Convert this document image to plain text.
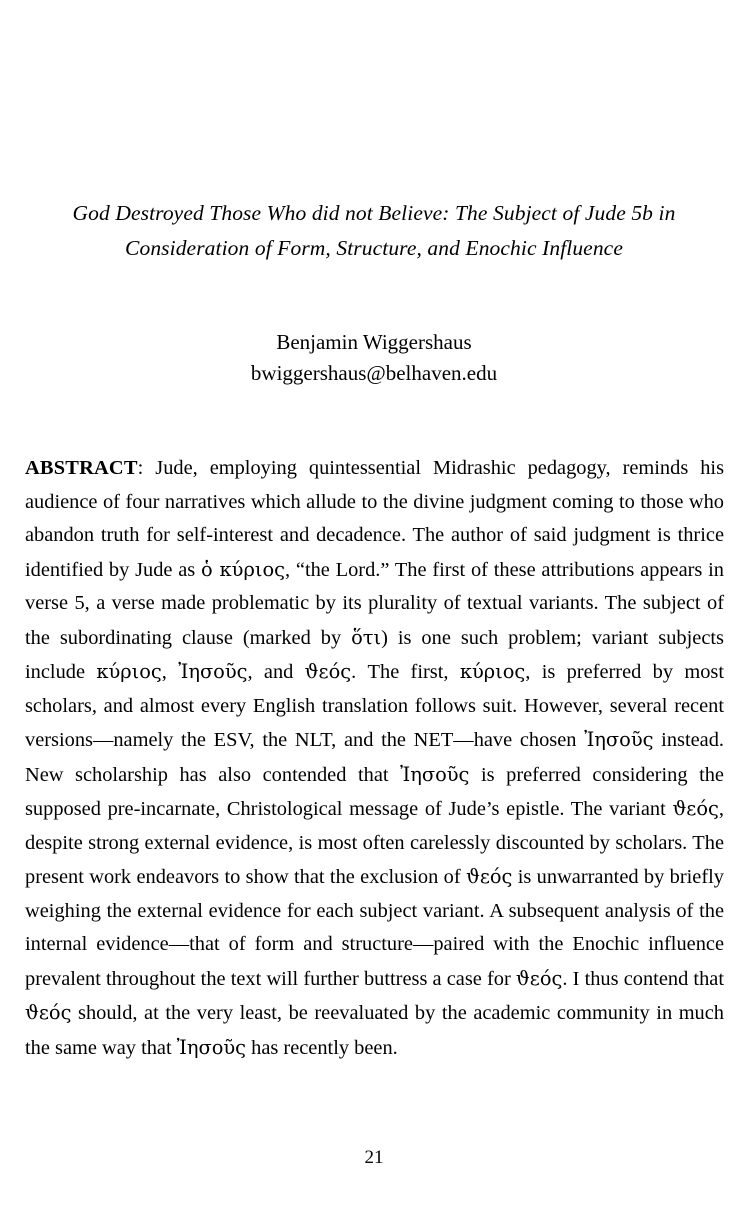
God Destroyed Those Who did not Believe: The Subject of Jude 5b in
Consideration of Form, Structure, and Enochic Influence
Benjamin Wiggershaus
bwiggershaus@belhaven.edu

ABSTRACT: Jude, employing quintessential Midrashic pedagogy, reminds his audience of four narratives which allude to the divine judgment coming to those who abandon truth for self-interest and decadence. The author of said judgment is thrice identified by Jude as ὁ κύριος, “the Lord.” The first of these attributions appears in verse 5, a verse made problematic by its plurality of textual variants. The subject of the subordinating clause (marked by ὅτι) is one such problem; variant subjects include κύριος, Ἰησοῦς, and ϑεός. The first, κύριος, is preferred by most scholars, and almost every English translation follows suit. However, several recent versions—namely the ESV, the NLT, and the NET—have chosen Ἰησοῦς instead. New scholarship has also contended that Ἰησοῦς is preferred considering the supposed pre-incarnate, Christological message of Jude’s epistle. The variant ϑεός, despite strong external evidence, is most often carelessly discounted by scholars. The present work endeavors to show that the exclusion of ϑεός is unwarranted by briefly weighing the external evidence for each subject variant. A subsequent analysis of the internal evidence—that of form and structure—paired with the Enochic influence prevalent throughout the text will further buttress a case for ϑεός. I thus contend that ϑεός should, at the very least, be reevaluated by the academic community in much the same way that Ἰησοῦς has recently been.

21
